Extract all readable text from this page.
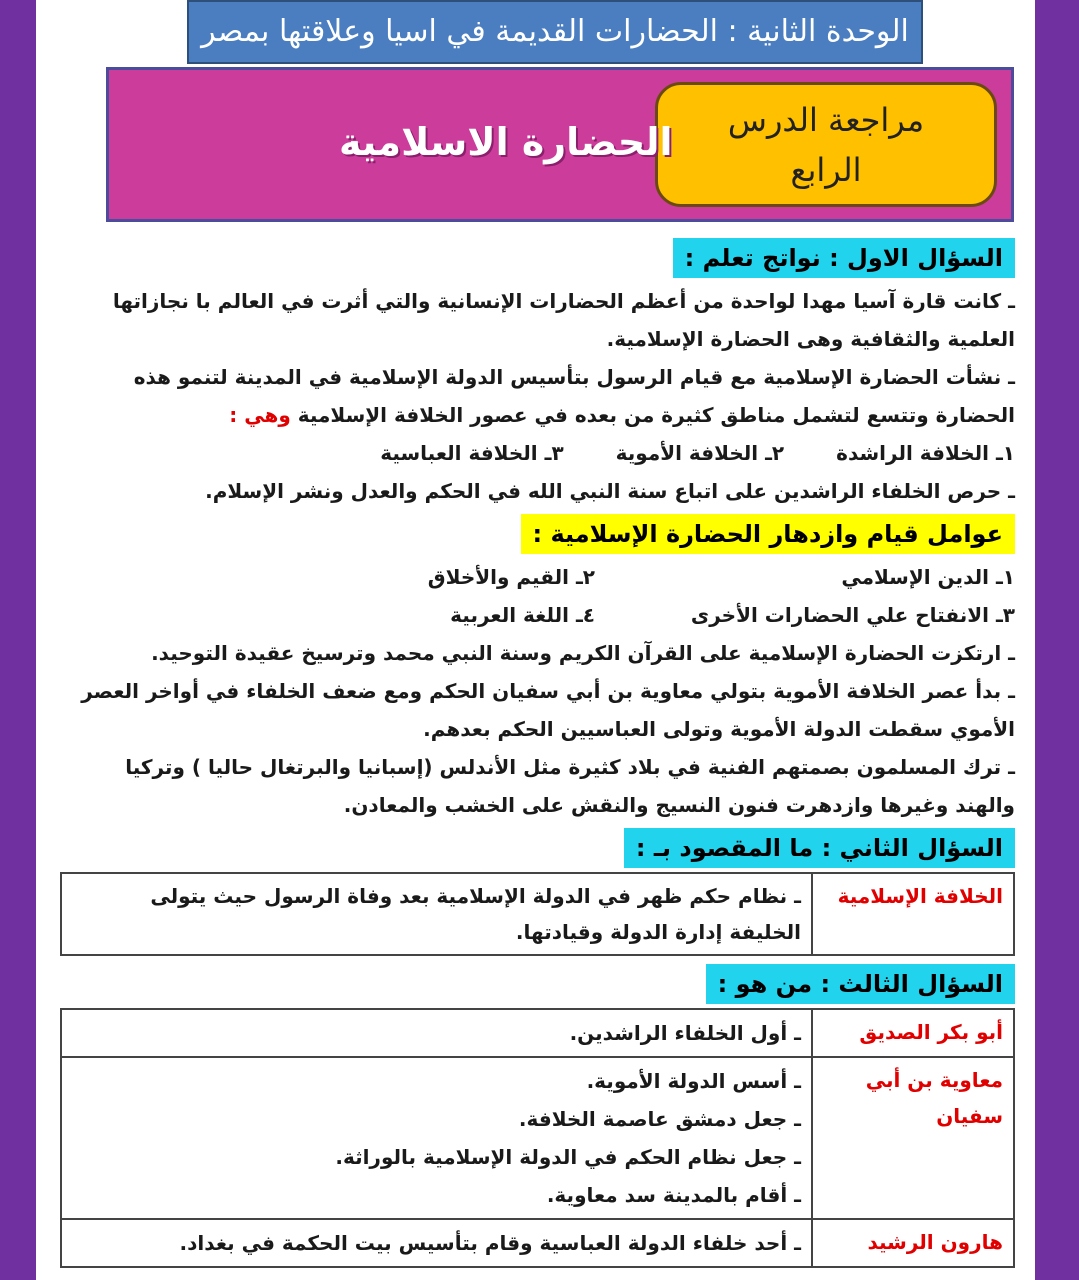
الوحدة الثانية : الحضارات القديمة في اسيا وعلاقتها بمصر
مراجعة الدرس
الرابع
الحضارة الاسلامية
السؤال الاول : نواتج تعلم :

ـ كانت قارة آسيا مهدا لواحدة من أعظم الحضارات الإنسانية والتي أثرت في العالم با نجازاتها العلمية والثقافية وهى الحضارة الإسلامية.

ـ نشأت الحضارة الإسلامية مع قيام الرسول بتأسيس الدولة الإسلامية في المدينة لتنمو هذه الحضارة وتتسع لتشمل مناطق كثيرة من بعده في عصور الخلافة الإسلامية وهي :

١ـ الخلافة الراشدة
٢ـ الخلافة الأموية
٣ـ الخلافة العباسية

ـ حرص الخلفاء الراشدين على اتباع سنة النبي الله في الحكم والعدل ونشر الإسلام.

عوامل قيام وازدهار الحضارة الإسلامية :
١ـ الدين الإسلامي
٢ـ القيم والأخلاق
٣ـ الانفتاح علي الحضارات الأخرى
٤ـ اللغة العربية

ـ ارتكزت الحضارة الإسلامية على القرآن الكريم وسنة النبي محمد وترسيخ عقيدة التوحيد.

ـ بدأ عصر الخلافة الأموية بتولي معاوية بن أبي سفيان الحكم ومع ضعف الخلفاء في أواخر العصر الأموي سقطت الدولة الأموية وتولى العباسيين الحكم بعدهم.

ـ ترك المسلمون بصمتهم الفنية في بلاد كثيرة مثل الأندلس (إسبانيا والبرتغال حاليا ) وتركيا والهند وغيرها وازدهرت فنون النسيج والنقش على الخشب والمعادن.

السؤال الثاني : ما المقصود بـ :
الخلافة الإسلامية	ـ نظام حكم ظهر في الدولة الإسلامية بعد وفاة الرسول حيث يتولى الخليفة إدارة الدولة وقيادتها.
السؤال الثالث : من هو :
أبو بكر الصديق	ـ أول الخلفاء الراشدين.

معاوية بن أبي سفيان	ـ أسس الدولة الأموية.
ـ جعل دمشق عاصمة الخلافة.
ـ جعل نظام الحكم في الدولة الإسلامية بالوراثة.
ـ أقام بالمدينة سد معاوية.

هارون الرشيد	ـ أحد خلفاء الدولة العباسية وقام بتأسيس بيت الحكمة في بغداد.
